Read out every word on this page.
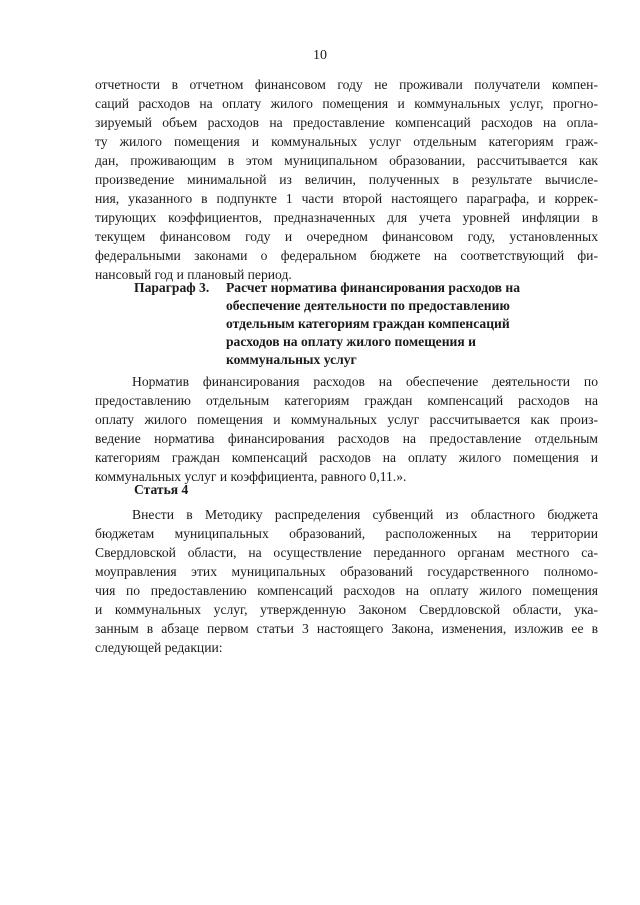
10
отчетности в отчетном финансовом году не проживали получатели компен-
саций расходов на оплату жилого помещения и коммунальных услуг, прогно-
зируемый объем расходов на предоставление компенсаций расходов на опла-
ту жилого помещения и коммунальных услуг отдельным категориям граж-
дан, проживающим в этом муниципальном образовании, рассчитывается как
произведение минимальной из величин, полученных в результате вычисле-
ния, указанного в подпункте 1 части второй настоящего параграфа, и коррек-
тирующих коэффициентов, предназначенных для учета уровней инфляции в
текущем финансовом году и очередном финансовом году, установленных
федеральными законами о федеральном бюджете на соответствующий фи-
нансовый год и плановый период.
Параграф 3. Расчет норматива финансирования расходов на
обеспечение деятельности по предоставлению
отдельным категориям граждан компенсаций
расходов на оплату жилого помещения и
коммунальных услуг
Норматив финансирования расходов на обеспечение деятельности по
предоставлению отдельным категориям граждан компенсаций расходов на
оплату жилого помещения и коммунальных услуг рассчитывается как произ-
ведение норматива финансирования расходов на предоставление отдельным
категориям граждан компенсаций расходов на оплату жилого помещения и
коммунальных услуг и коэффициента, равного 0,11.».
Статья 4
Внести в Методику распределения субвенций из областного бюджета
бюджетам муниципальных образований, расположенных на территории
Свердловской области, на осуществление переданного органам местного са-
моуправления этих муниципальных образований государственного полномо-
чия по предоставлению компенсаций расходов на оплату жилого помещения
и коммунальных услуг, утвержденную Законом Свердловской области, ука-
занным в абзаце первом статьи 3 настоящего Закона, изменения, изложив ее в
следующей редакции:
